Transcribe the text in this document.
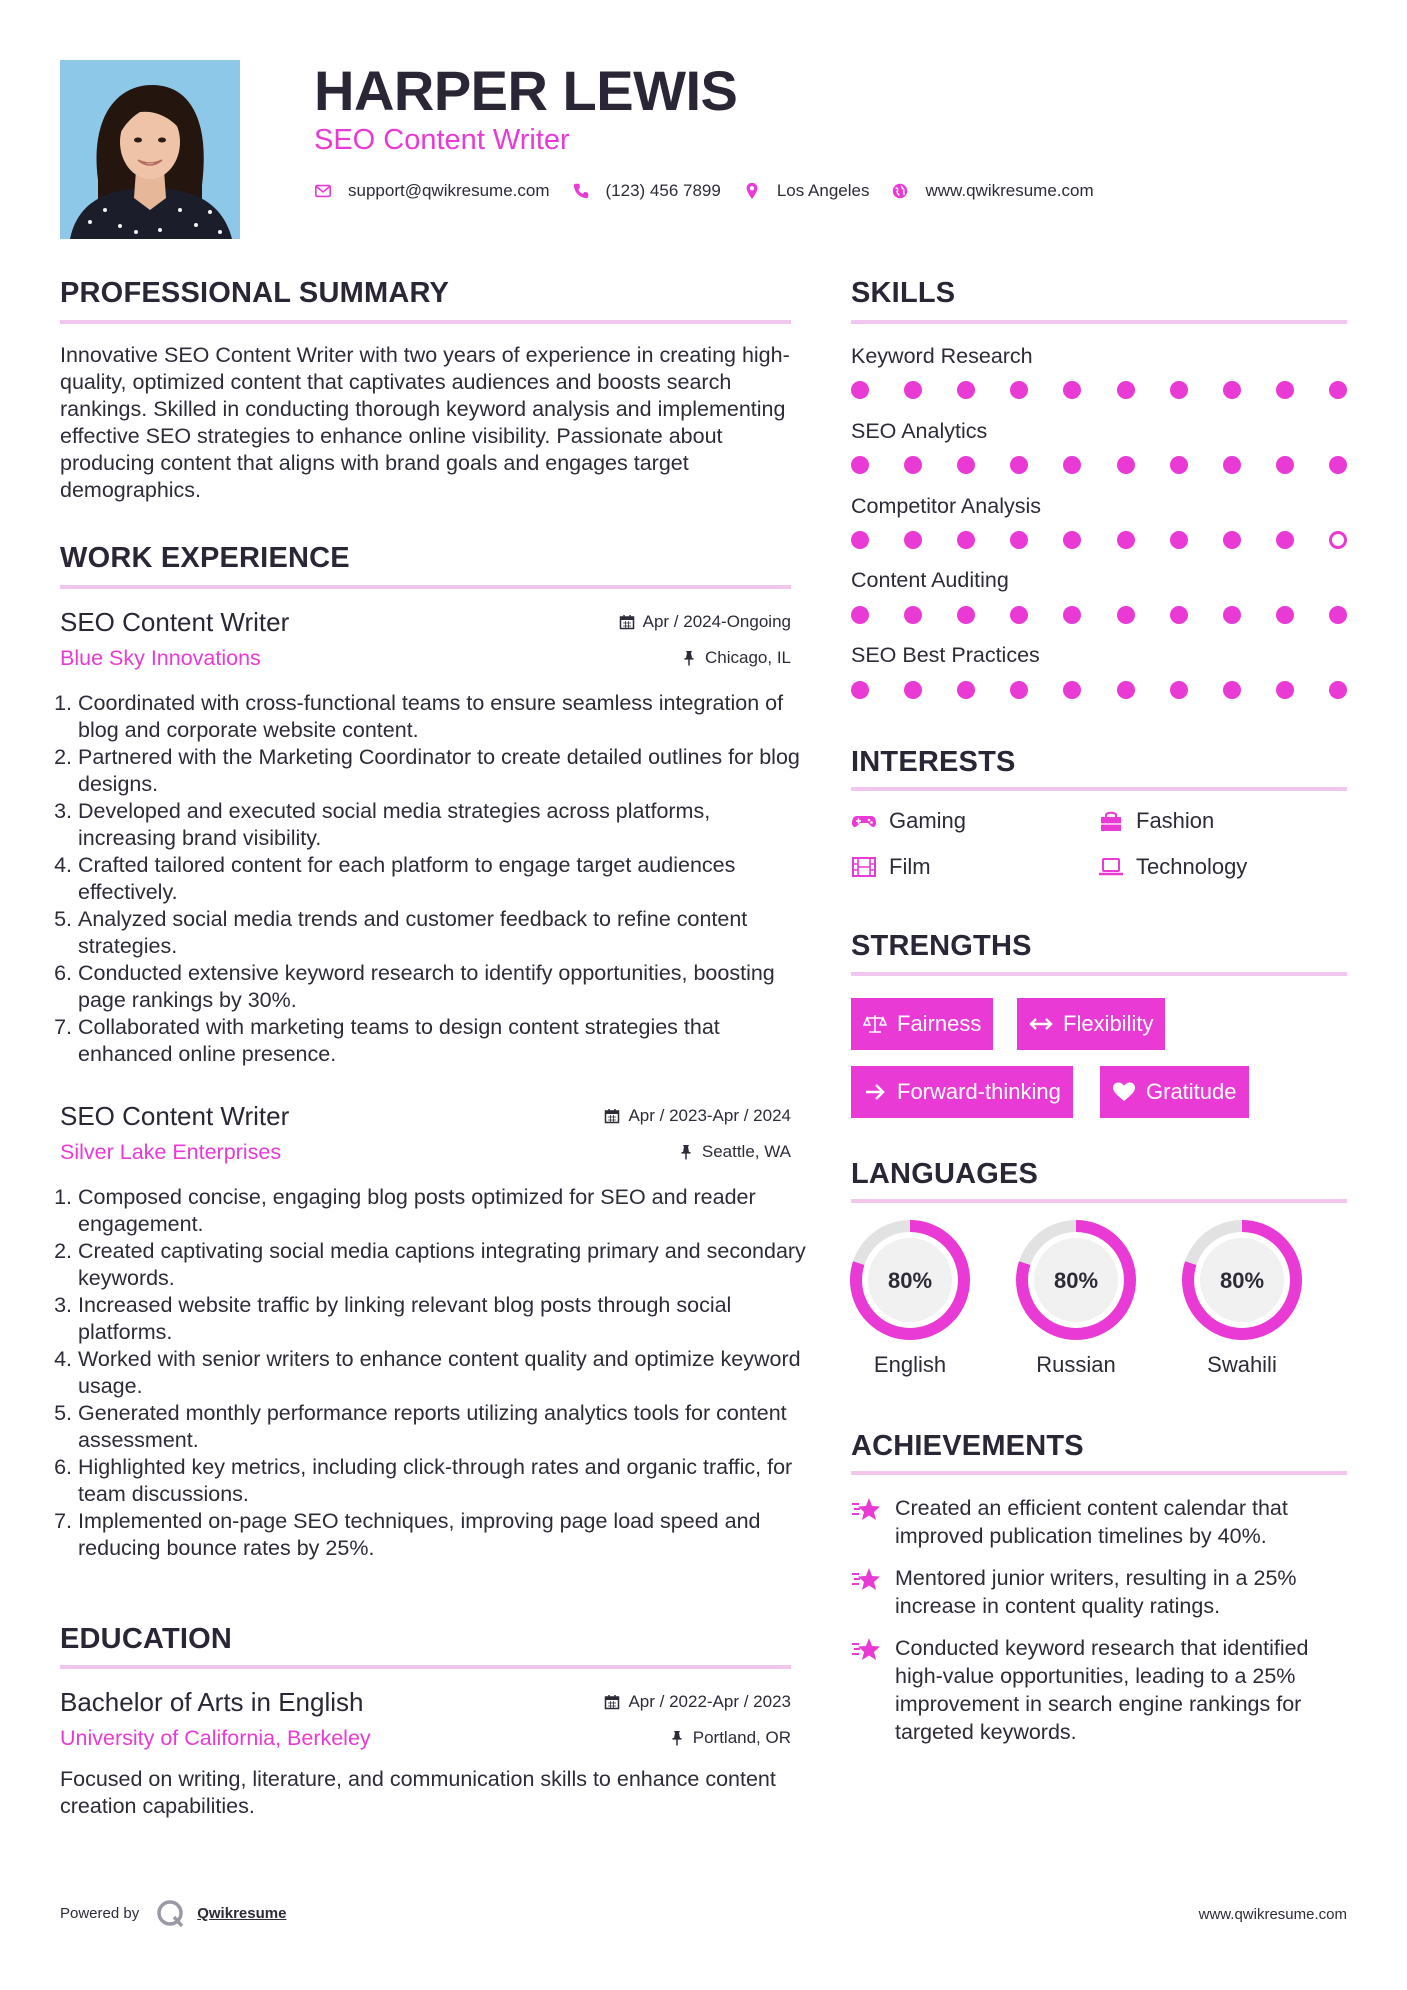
HARPER LEWIS
SEO Content Writer
support@qwikresume.com	(123) 456 7899	Los Angeles	www.qwikresume.com
PROFESSIONAL SUMMARY
Innovative SEO Content Writer with two years of experience in creating high-quality, optimized content that captivates audiences and boosts search rankings. Skilled in conducting thorough keyword analysis and implementing effective SEO strategies to enhance online visibility. Passionate about producing content that aligns with brand goals and engages target demographics.
WORK EXPERIENCE
SEO Content Writer	Apr / 2024-Ongoing
Blue Sky Innovations	Chicago, IL
1. Coordinated with cross-functional teams to ensure seamless integration of blog and corporate website content.
2. Partnered with the Marketing Coordinator to create detailed outlines for blog designs.
3. Developed and executed social media strategies across platforms, increasing brand visibility.
4. Crafted tailored content for each platform to engage target audiences effectively.
5. Analyzed social media trends and customer feedback to refine content strategies.
6. Conducted extensive keyword research to identify opportunities, boosting page rankings by 30%.
7. Collaborated with marketing teams to design content strategies that enhanced online presence.
SEO Content Writer	Apr / 2023-Apr / 2024
Silver Lake Enterprises	Seattle, WA
1. Composed concise, engaging blog posts optimized for SEO and reader engagement.
2. Created captivating social media captions integrating primary and secondary keywords.
3. Increased website traffic by linking relevant blog posts through social platforms.
4. Worked with senior writers to enhance content quality and optimize keyword usage.
5. Generated monthly performance reports utilizing analytics tools for content assessment.
6. Highlighted key metrics, including click-through rates and organic traffic, for team discussions.
7. Implemented on-page SEO techniques, improving page load speed and reducing bounce rates by 25%.
EDUCATION
Bachelor of Arts in English	Apr / 2022-Apr / 2023
University of California, Berkeley	Portland, OR
Focused on writing, literature, and communication skills to enhance content creation capabilities.
SKILLS
Keyword Research
SEO Analytics
Competitor Analysis
Content Auditing
SEO Best Practices
INTERESTS
Gaming	Fashion
Film	Technology
STRENGTHS
Fairness	Flexibility
Forward-thinking	Gratitude
LANGUAGES
80%
English
80%
Russian
80%
Swahili
ACHIEVEMENTS
Created an efficient content calendar that improved publication timelines by 40%.
Mentored junior writers, resulting in a 25% increase in content quality ratings.
Conducted keyword research that identified high-value opportunities, leading to a 25% improvement in search engine rankings for targeted keywords.
Powered by	Qwikresume	www.qwikresume.com
